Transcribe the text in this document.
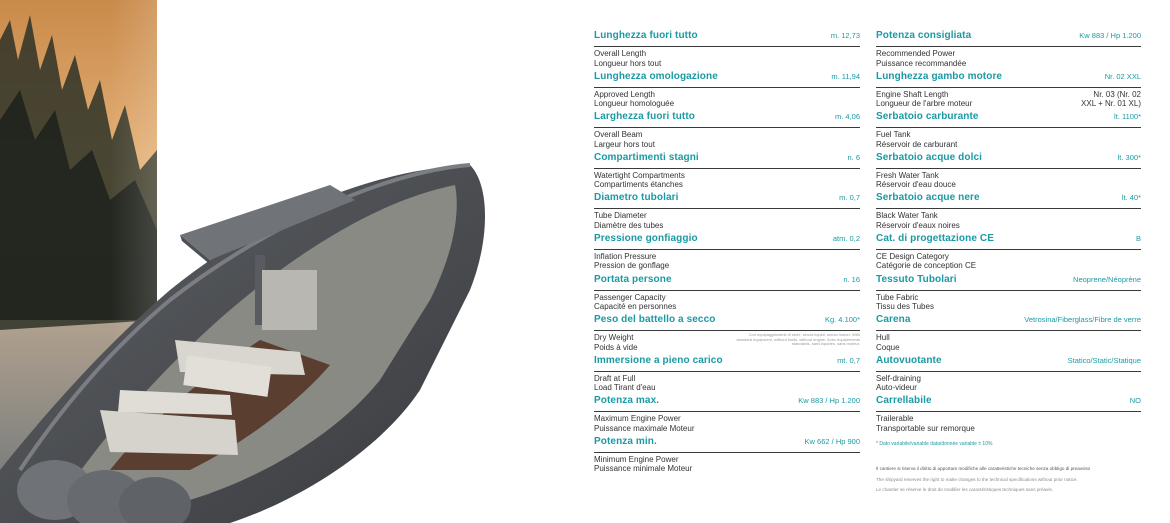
Lunghezza fuori tutto	m. 12,73
Overall Length
Longueur hors tout
Lunghezza omologazione	m. 11,94
Approved Length
Longueur homologuée
Larghezza fuori tutto	m. 4,06
Overall Beam
Largeur hors tout
Compartimenti stagni	n. 6
Watertight Compartments
Compartiments étanches
Diametro tubolari	m. 0,7
Tube Diameter
Diamètre des tubes
Pressione gonfiaggio	atm. 0,2
Inflation Pressure
Pression de gonflage
Portata persone	n. 16
Passenger Capacity
Capacité en personnes
Peso del battello a secco	Kg. 4.100*
Dry Weight
Poids à vide
Con equipaggiamenti di serie, senza liquidi, senza motori. With standard equipment, without fluids, without engine. Avec équipements standards, sans liquides, sans moteur.
Immersione a pieno carico	mt. 0,7
Draft at Full
Load Tirant d'eau
Potenza max.	Kw 883 / Hp 1.200
Maximum Engine Power
Puissance maximale Moteur
Potenza min.	Kw 662 / Hp 900
Minimum Engine Power
Puissance minimale Moteur
Potenza consigliata	Kw 883 / Hp 1.200
Recommended Power
Puissance recommandée
Lunghezza gambo motore	Nr. 02 XXL
Engine Shaft Length
Longueur de l'arbre moteur
Nr. 03 (Nr. 02
XXL + Nr. 01 XL)
Serbatoio carburante	lt. 1100*
Fuel Tank
Réservoir de carburant
Serbatoio acque dolci	lt. 300*
Fresh Water Tank
Réservoir d'eau douce
Serbatoio acque nere	lt. 40*
Black Water Tank
Réservoir d'eaux noires
Cat. di progettazione CE	B
CE Design Category
Catégorie de conception CE
Tessuto Tubolari	Neoprene/Néoprène
Tube Fabric
Tissu des Tubes
Carena	Vetrosina/Fiberglass/Fibre de verre
Hull
Coque
Autovuotante	Statico/Static/Statique
Self-draining
Auto-videur
Carrellabile	NO
Trailerable
Transportable sur remorque
* Dato variabile/variable data/donnée variable ± 10%
Il cantiere si riserva il diritto di apportare modifiche alle caratteristiche tecniche senza obbligo di preavviso
The shipyard reserves the right to make changes to the technical specifications without prior notice.
Le chantier se réserve le droit de modifier les caractéristiques techniques sans préavis.
